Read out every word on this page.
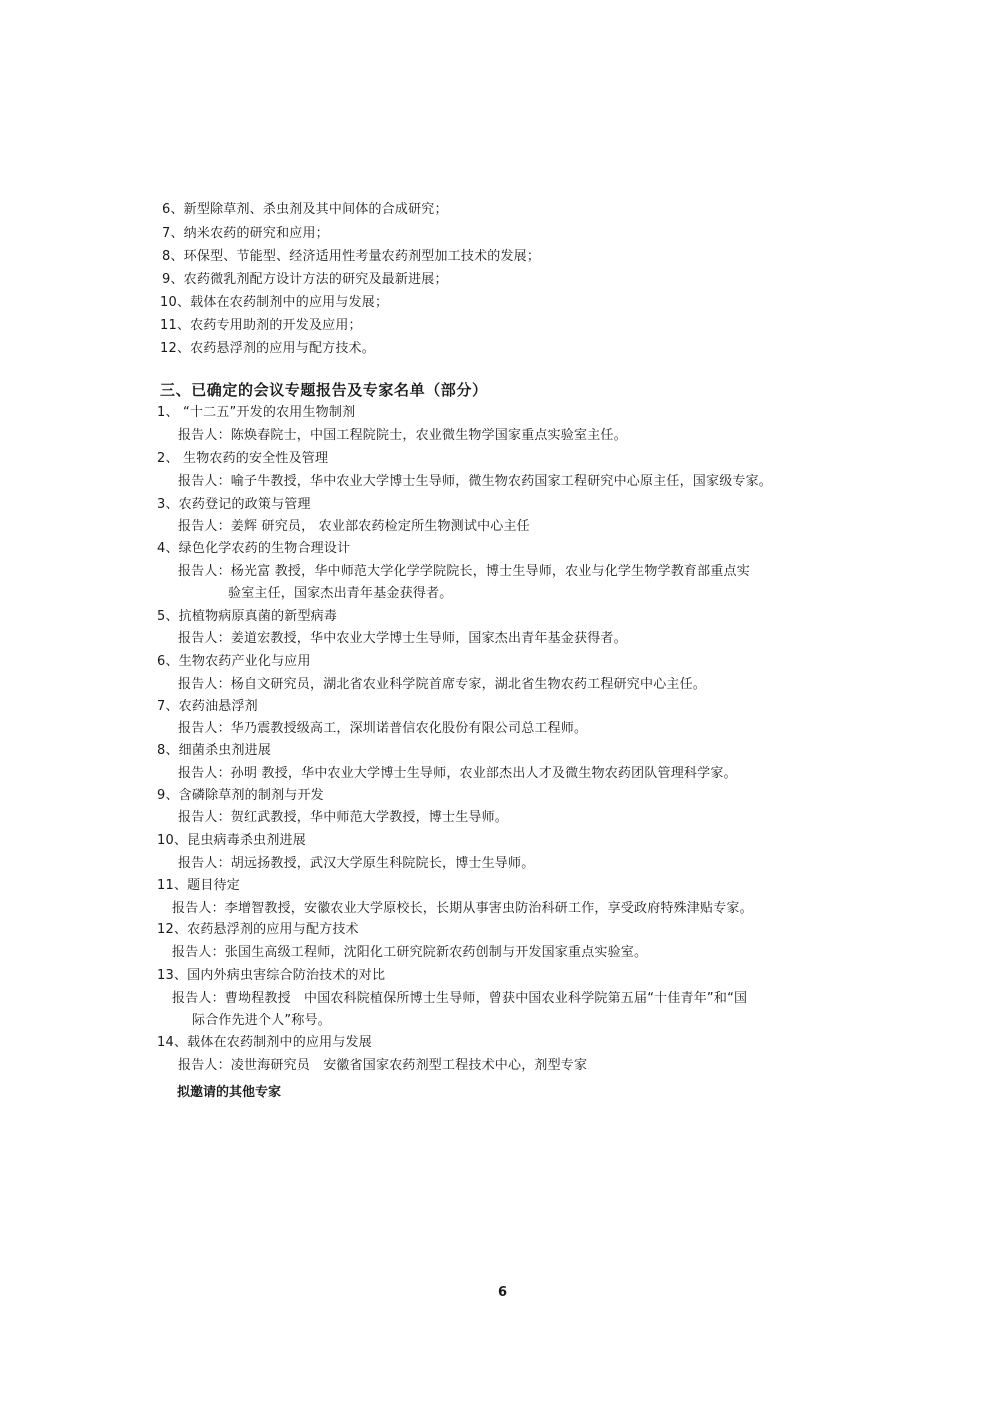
6、新型除草剂、杀虫剂及其中间体的合成研究；
7、纳米农药的研究和应用；
8、环保型、节能型、经济适用性考量农药剂型加工技术的发展；
9、农药微乳剂配方设计方法的研究及最新进展；
10、载体在农药制剂中的应用与发展；
11、农药专用助剂的开发及应用；
12、农药悬浮剂的应用与配方技术。
三、已确定的会议专题报告及专家名单（部分）
1、 “十二五”开发的农用生物制剂
报告人：陈焕春院士，中国工程院院士，农业微生物学国家重点实验室主任。
2、 生物农药的安全性及管理
报告人：喻子牛教授，华中农业大学博士生导师，微生物农药国家工程研究中心原主任，国家级专家。
3、农药登记的政策与管理
报告人：姜辉 研究员， 农业部农药检定所生物测试中心主任
4、绿色化学农药的生物合理设计
报告人：杨光富 教授，华中师范大学化学学院院长，博士生导师，农业与化学生物学教育部重点实
验室主任，国家杰出青年基金获得者。
5、抗植物病原真菌的新型病毒
报告人：姜道宏教授，华中农业大学博士生导师，国家杰出青年基金获得者。
6、生物农药产业化与应用
报告人：杨自文研究员，湖北省农业科学院首席专家，湖北省生物农药工程研究中心主任。
7、农药油悬浮剂
报告人：华乃震教授级高工，深圳诺普信农化股份有限公司总工程师。
8、细菌杀虫剂进展
报告人：孙明 教授，华中农业大学博士生导师，农业部杰出人才及微生物农药团队管理科学家。
9、含磷除草剂的制剂与开发
报告人：贺红武教授，华中师范大学教授，博士生导师。
10、昆虫病毒杀虫剂进展
报告人：胡远扬教授，武汉大学原生科院院长，博士生导师。
11、题目待定
报告人：李增智教授，安徽农业大学原校长，长期从事害虫防治科研工作，享受政府特殊津贴专家。
12、农药悬浮剂的应用与配方技术
报告人：张国生高级工程师，沈阳化工研究院新农药创制与开发国家重点实验室。
13、国内外病虫害综合防治技术的对比
报告人：曹坳程教授　中国农科院植保所博士生导师，曾获中国农业科学院第五届“十佳青年”和“国
际合作先进个人”称号。
14、载体在农药制剂中的应用与发展
报告人：凌世海研究员　安徽省国家农药剂型工程技术中心，剂型专家
拟邀请的其他专家
6
